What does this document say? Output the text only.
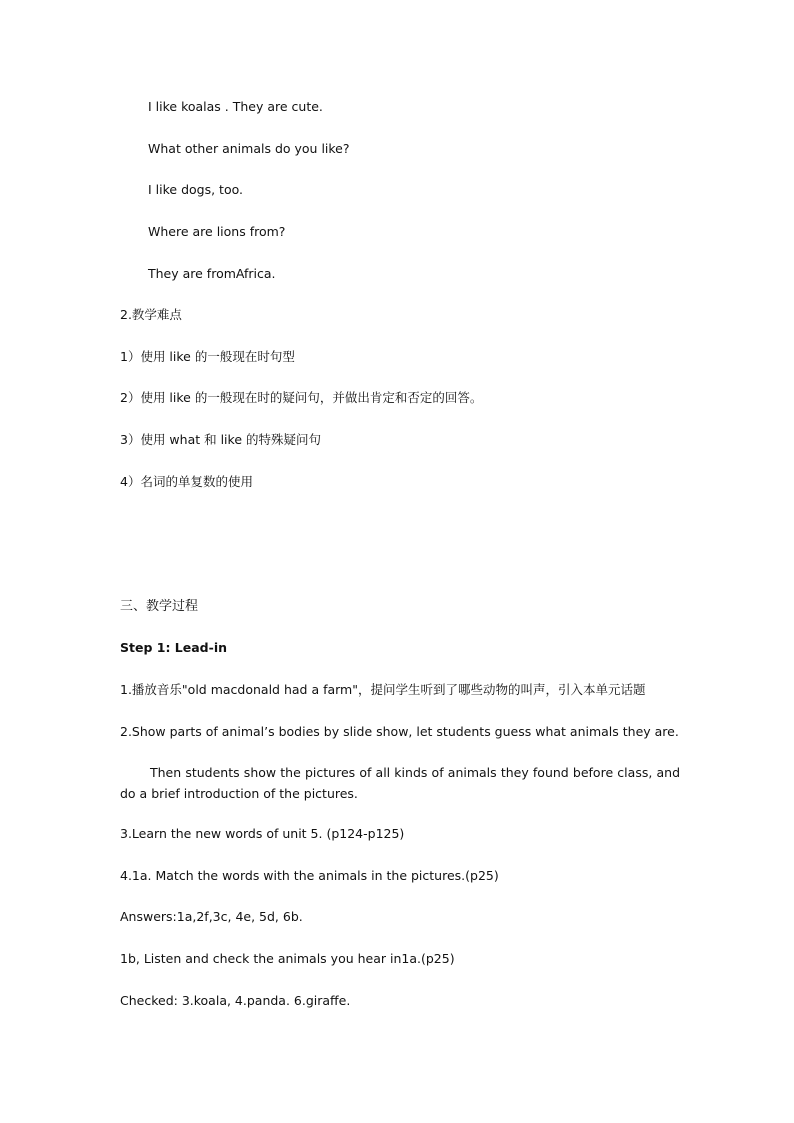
I like koalas . They are cute.
What other animals do you like?
I like dogs, too.
Where are lions from?
They are fromAfrica.
2.教学难点
1）使用 like 的一般现在时句型
2）使用 like 的一般现在时的疑问句，并做出肯定和否定的回答。
3）使用 what 和 like 的特殊疑问句
4）名词的单复数的使用
三、教学过程
Step 1: Lead-in
1.播放音乐"old macdonald had a farm"，提问学生听到了哪些动物的叫声，引入本单元话题
2.Show parts of animal’s bodies by slide show, let students guess what animals they are.
Then students show the pictures of all kinds of animals they found before class, and do a brief introduction of the pictures.
3.Learn the new words of unit 5. (p124-p125)
4.1a. Match the words with the animals in the pictures.(p25)
Answers:1a,2f,3c, 4e, 5d, 6b.
1b, Listen and check the animals you hear in1a.(p25)
Checked: 3.koala, 4.panda. 6.giraffe.
